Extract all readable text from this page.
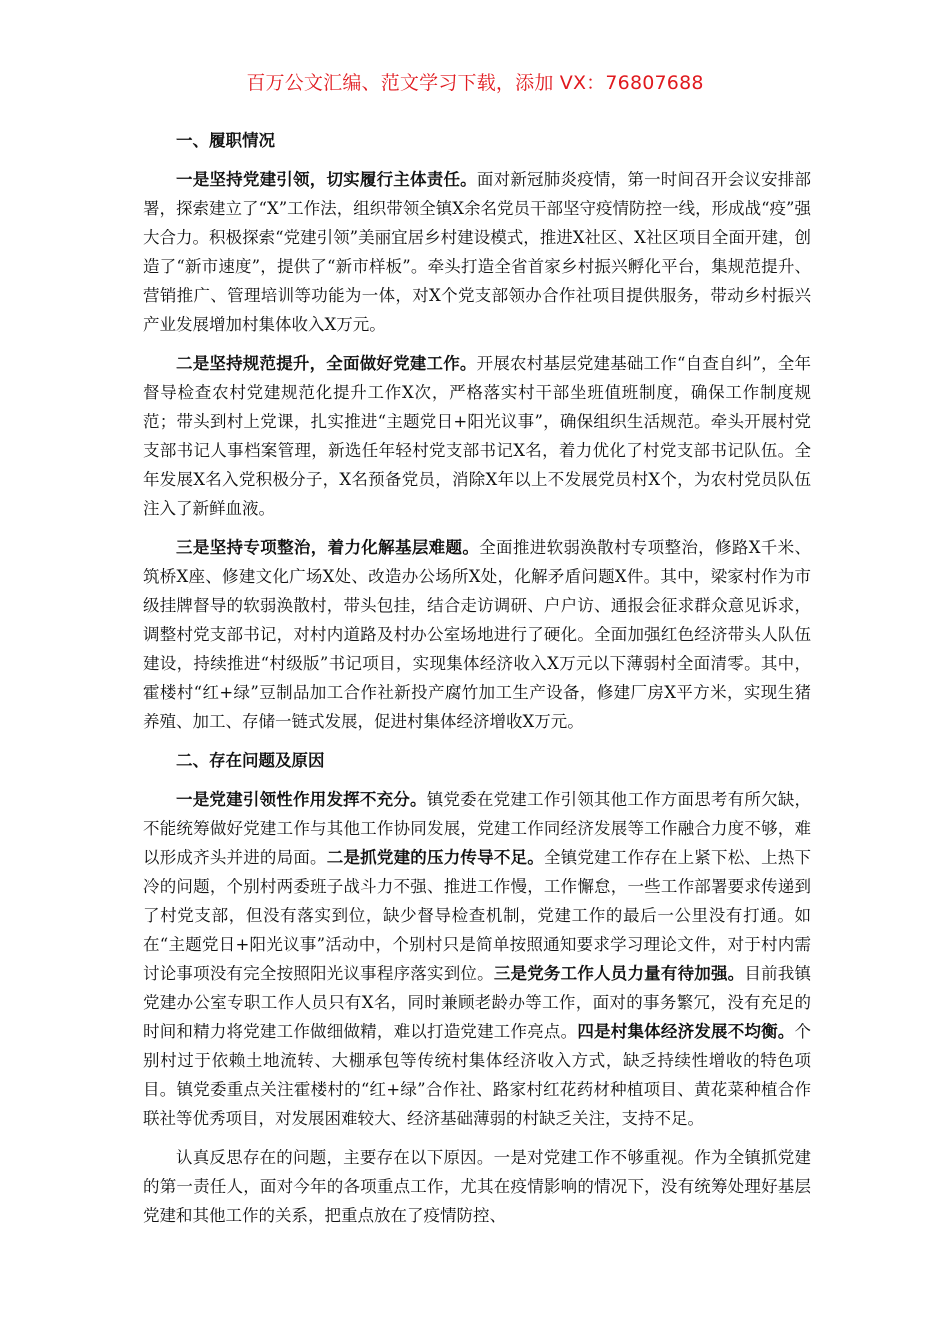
百万公文汇编、范文学习下载，添加 VX：76807688
一、履职情况

一是坚持党建引领，切实履行主体责任。面对新冠肺炎疫情，第一时间召开会议安排部署，探索建立了“X”工作法，组织带领全镇X余名党员干部坚守疫情防控一线，形成战“疫”强大合力。积极探索“党建引领”美丽宜居乡村建设模式，推进X社区、X社区项目全面开建，创造了“新市速度”，提供了“新市样板”。牵头打造全省首家乡村振兴孵化平台，集规范提升、营销推广、管理培训等功能为一体，对X个党支部领办合作社项目提供服务，带动乡村振兴产业发展增加村集体收入X万元。

二是坚持规范提升，全面做好党建工作。开展农村基层党建基础工作“自查自纠”，全年督导检查农村党建规范化提升工作X次，严格落实村干部坐班值班制度，确保工作制度规范；带头到村上党课，扎实推进“主题党日+阳光议事”，确保组织生活规范。牵头开展村党支部书记人事档案管理，新选任年轻村党支部书记X名，着力优化了村党支部书记队伍。全年发展X名入党积极分子，X名预备党员，消除X年以上不发展党员村X个，为农村党员队伍注入了新鲜血液。

三是坚持专项整治，着力化解基层难题。全面推进软弱涣散村专项整治，修路X千米、筑桥X座、修建文化广场X处、改造办公场所X处，化解矛盾问题X件。其中，梁家村作为市级挂牌督导的软弱涣散村，带头包挂，结合走访调研、户户访、通报会征求群众意见诉求，调整村党支部书记，对村内道路及村办公室场地进行了硬化。全面加强红色经济带头人队伍建设，持续推进“村级版”书记项目，实现集体经济收入X万元以下薄弱村全面清零。其中，霍楼村“红+绿”豆制品加工合作社新投产腐竹加工生产设备，修建厂房X平方米，实现生猪养殖、加工、存储一链式发展，促进村集体经济增收X万元。

二、存在问题及原因

一是党建引领性作用发挥不充分。镇党委在党建工作引领其他工作方面思考有所欠缺，不能统筹做好党建工作与其他工作协同发展，党建工作同经济发展等工作融合力度不够，难以形成齐头并进的局面。二是抓党建的压力传导不足。全镇党建工作存在上紧下松、上热下冷的问题，个别村两委班子战斗力不强、推进工作慢，工作懈怠，一些工作部署要求传递到了村党支部，但没有落实到位，缺少督导检查机制，党建工作的最后一公里没有打通。如在“主题党日+阳光议事”活动中，个别村只是简单按照通知要求学习理论文件，对于村内需讨论事项没有完全按照阳光议事程序落实到位。三是党务工作人员力量有待加强。目前我镇党建办公室专职工作人员只有X名，同时兼顾老龄办等工作，面对的事务繁冗，没有充足的时间和精力将党建工作做细做精，难以打造党建工作亮点。四是村集体经济发展不均衡。个别村过于依赖土地流转、大棚承包等传统村集体经济收入方式，缺乏持续性增收的特色项目。镇党委重点关注霍楼村的“红+绿”合作社、路家村红花药材种植项目、黄花菜种植合作联社等优秀项目，对发展困难较大、经济基础薄弱的村缺乏关注，支持不足。

认真反思存在的问题，主要存在以下原因。一是对党建工作不够重视。作为全镇抓党建的第一责任人，面对今年的各项重点工作，尤其在疫情影响的情况下，没有统筹处理好基层党建和其他工作的关系，把重点放在了疫情防控、
